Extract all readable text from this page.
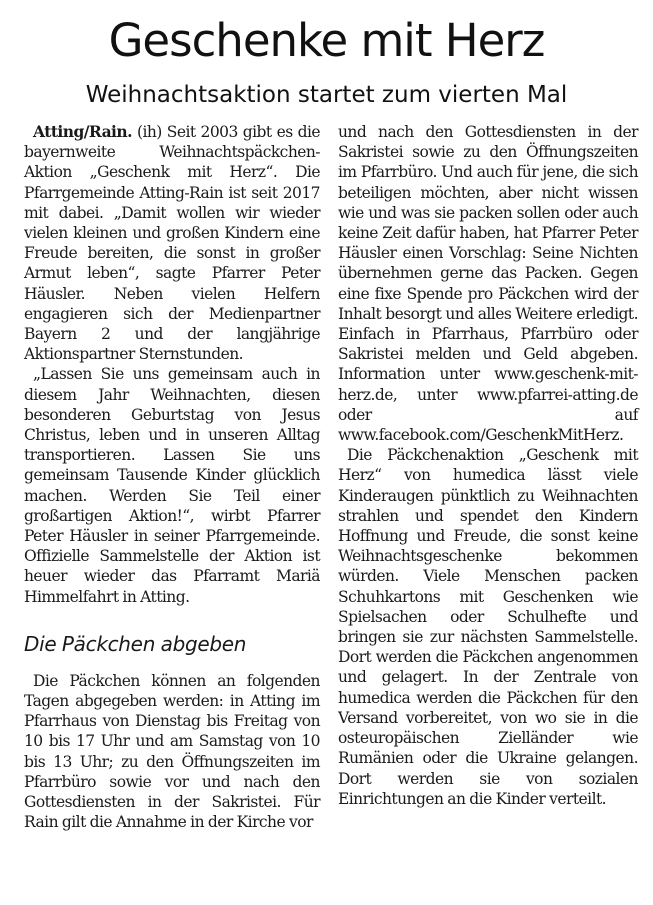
Geschenke mit Herz
Weihnachtsaktion startet zum vierten Mal

Atting/Rain. (ih) Seit 2003 gibt es die bayernweite Weihnachtspäckchen-Aktion „Geschenk mit Herz“. Die Pfarrgemeinde Atting-Rain ist seit 2017 mit dabei. „Damit wollen wir wieder vielen kleinen und großen Kindern eine Freude bereiten, die sonst in großer Armut leben“, sagte Pfarrer Peter Häusler. Neben vielen Helfern engagieren sich der Medienpartner Bayern 2 und der langjährige Aktionspartner Sternstunden.

„Lassen Sie uns gemeinsam auch in diesem Jahr Weihnachten, diesen besonderen Geburtstag von Jesus Christus, leben und in unseren Alltag transportieren. Lassen Sie uns gemeinsam Tausende Kinder glücklich machen. Werden Sie Teil einer großartigen Aktion!“, wirbt Pfarrer Peter Häusler in seiner Pfarrgemeinde. Offizielle Sammelstelle der Aktion ist heuer wieder das Pfarramt Mariä Himmelfahrt in Atting.

Die Päckchen abgeben

Die Päckchen können an folgenden Tagen abgegeben werden: in Atting im Pfarrhaus von Dienstag bis Freitag von 10 bis 17 Uhr und am Samstag von 10 bis 13 Uhr; zu den Öffnungszeiten im Pfarrbüro sowie vor und nach den Gottesdiensten in der Sakristei. Für Rain gilt die Annahme in der Kirche vor

und nach den Gottesdiensten in der Sakristei sowie zu den Öffnungszeiten im Pfarrbüro. Und auch für jene, die sich beteiligen möchten, aber nicht wissen wie und was sie packen sollen oder auch keine Zeit dafür haben, hat Pfarrer Peter Häusler einen Vorschlag: Seine Nichten übernehmen gerne das Packen. Gegen eine fixe Spende pro Päckchen wird der Inhalt besorgt und alles Weitere erledigt. Einfach in Pfarrhaus, Pfarrbüro oder Sakristei melden und Geld abgeben. Information unter www.geschenk-mit-herz.de, unter www.pfarrei-atting.de oder auf www.facebook.com/GeschenkMitHerz.

Die Päckchenaktion „Geschenk mit Herz“ von humedica lässt viele Kinderaugen pünktlich zu Weihnachten strahlen und spendet den Kindern Hoffnung und Freude, die sonst keine Weihnachtsgeschenke bekommen würden. Viele Menschen packen Schuhkartons mit Geschenken wie Spielsachen oder Schulhefte und bringen sie zur nächsten Sammelstelle. Dort werden die Päckchen angenommen und gelagert. In der Zentrale von humedica werden die Päckchen für den Versand vorbereitet, von wo sie in die osteuropäischen Zielländer wie Rumänien oder die Ukraine gelangen. Dort werden sie von sozialen Einrichtungen an die Kinder verteilt.
